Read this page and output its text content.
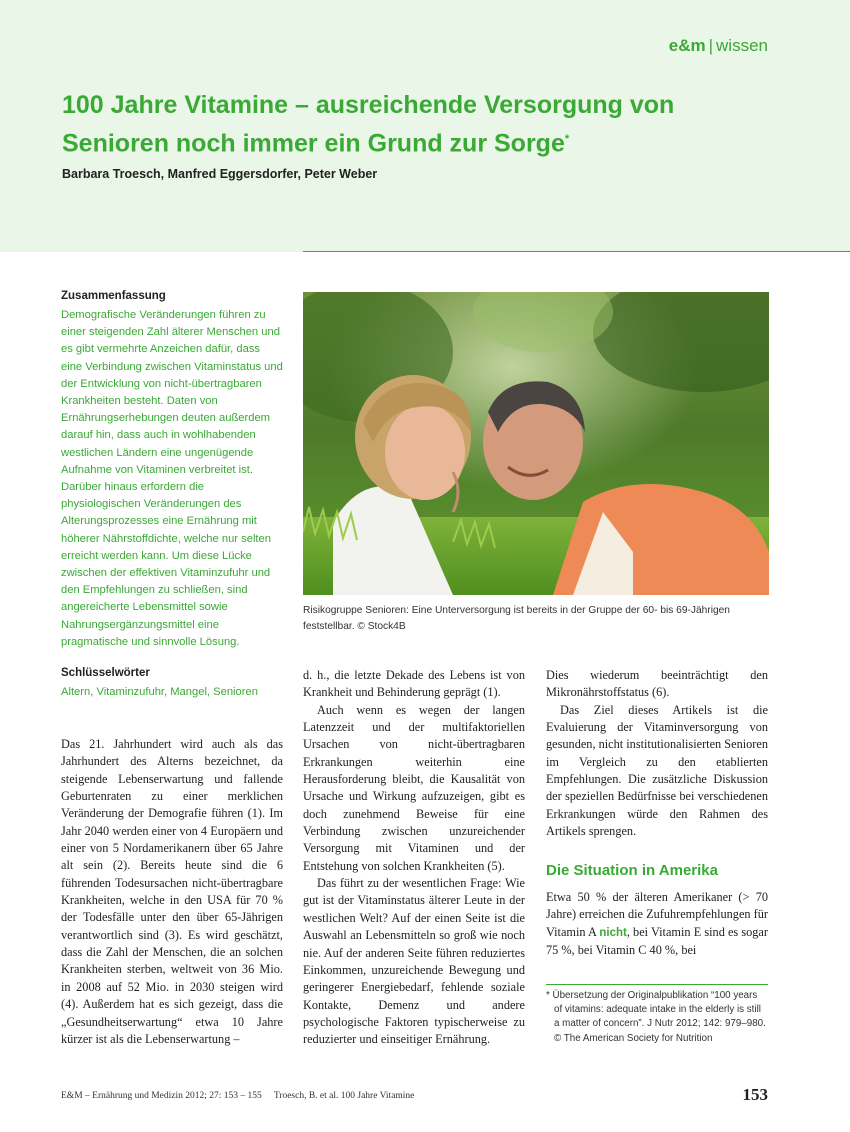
e&m | wissen
100 Jahre Vitamine – ausreichende Versorgung von Senioren noch immer ein Grund zur Sorge*
Barbara Troesch, Manfred Eggersdorfer, Peter Weber
Zusammenfassung
Demografische Veränderungen führen zu einer steigenden Zahl älterer Menschen und es gibt vermehrte Anzeichen dafür, dass eine Verbindung zwischen Vitaminstatus und der Entwicklung von nicht-übertragbaren Krankheiten besteht. Daten von Ernährungserhebungen deuten außerdem darauf hin, dass auch in wohlhabenden westlichen Ländern eine ungenügende Aufnahme von Vitaminen verbreitet ist. Darüber hinaus erfordern die physiologischen Veränderungen des Alterungsprozesses eine Ernährung mit höherer Nährstoffdichte, welche nur selten erreicht werden kann. Um diese Lücke zwischen der effektiven Vitaminzufuhr und den Empfehlungen zu schließen, sind angereicherte Lebensmittel sowie Nahrungsergänzungsmittel eine pragmatische und sinnvolle Lösung.
Schlüsselwörter
Altern, Vitaminzufuhr, Mangel, Senioren
Risikogruppe Senioren: Eine Unterversorgung ist bereits in der Gruppe der 60- bis 69-Jährigen feststellbar. © Stock4B

Das 21. Jahrhundert wird auch als das Jahrhundert des Alterns bezeichnet, da steigende Lebenserwartung und fallende Geburtenraten zu einer merklichen Veränderung der Demografie führen (1). Im Jahr 2040 werden einer von 4 Europäern und einer von 5 Nordamerikanern über 65 Jahre alt sein (2). Bereits heute sind die 6 führenden Todesursachen nicht-übertragbare Krankheiten, welche in den USA für 70 % der Todesfälle unter den über 65-Jährigen verantwortlich sind (3). Es wird geschätzt, dass die Zahl der Menschen, die an solchen Krankheiten sterben, weltweit von 36 Mio. in 2008 auf 52 Mio. in 2030 steigen wird (4). Außerdem hat es sich gezeigt, dass die „Gesundheitserwartung“ etwa 10 Jahre kürzer ist als die Lebenserwartung –

d. h., die letzte Dekade des Lebens ist von Krankheit und Behinderung geprägt (1).

Auch wenn es wegen der langen Latenzzeit und der multifaktoriellen Ursachen von nicht-übertragbaren Erkrankungen weiterhin eine Herausforderung bleibt, die Kausalität von Ursache und Wirkung aufzuzeigen, gibt es doch zunehmend Beweise für eine Verbindung zwischen unzureichender Versorgung mit Vitaminen und der Entstehung von solchen Krankheiten (5).

Das führt zu der wesentlichen Frage: Wie gut ist der Vitaminstatus älterer Leute in der westlichen Welt? Auf der einen Seite ist die Auswahl an Lebensmitteln so groß wie noch nie. Auf der anderen Seite führen reduziertes Einkommen, unzureichende Bewegung und geringerer Energiebedarf, fehlende soziale Kontakte, Demenz und andere psychologische Faktoren typischerweise zu reduzierter und einseitiger Ernährung.

Dies wiederum beeinträchtigt den Mikronährstoffstatus (6).

Das Ziel dieses Artikels ist die Evaluierung der Vitaminversorgung von gesunden, nicht institutionalisierten Senioren im Vergleich zu den etablierten Empfehlungen. Die zusätzliche Diskussion der speziellen Bedürfnisse bei verschiedenen Erkrankungen würde den Rahmen des Artikels sprengen.

Die Situation in Amerika

Etwa 50 % der älteren Amerikaner (> 70 Jahre) erreichen die Zufuhrempfehlungen für Vitamin A nicht, bei Vitamin E sind es sogar 75 %, bei Vitamin C 40 %, bei

* Übersetzung der Originalpublikation “100 years of vitamins: adequate intake in the elderly is still a matter of concern”. J Nutr 2012; 142: 979–980. © The American Society for Nutrition
E&M – Ernährung und Medizin 2012; 27: 153 – 155 Troesch, B. et al. 100 Jahre Vitamine	153
